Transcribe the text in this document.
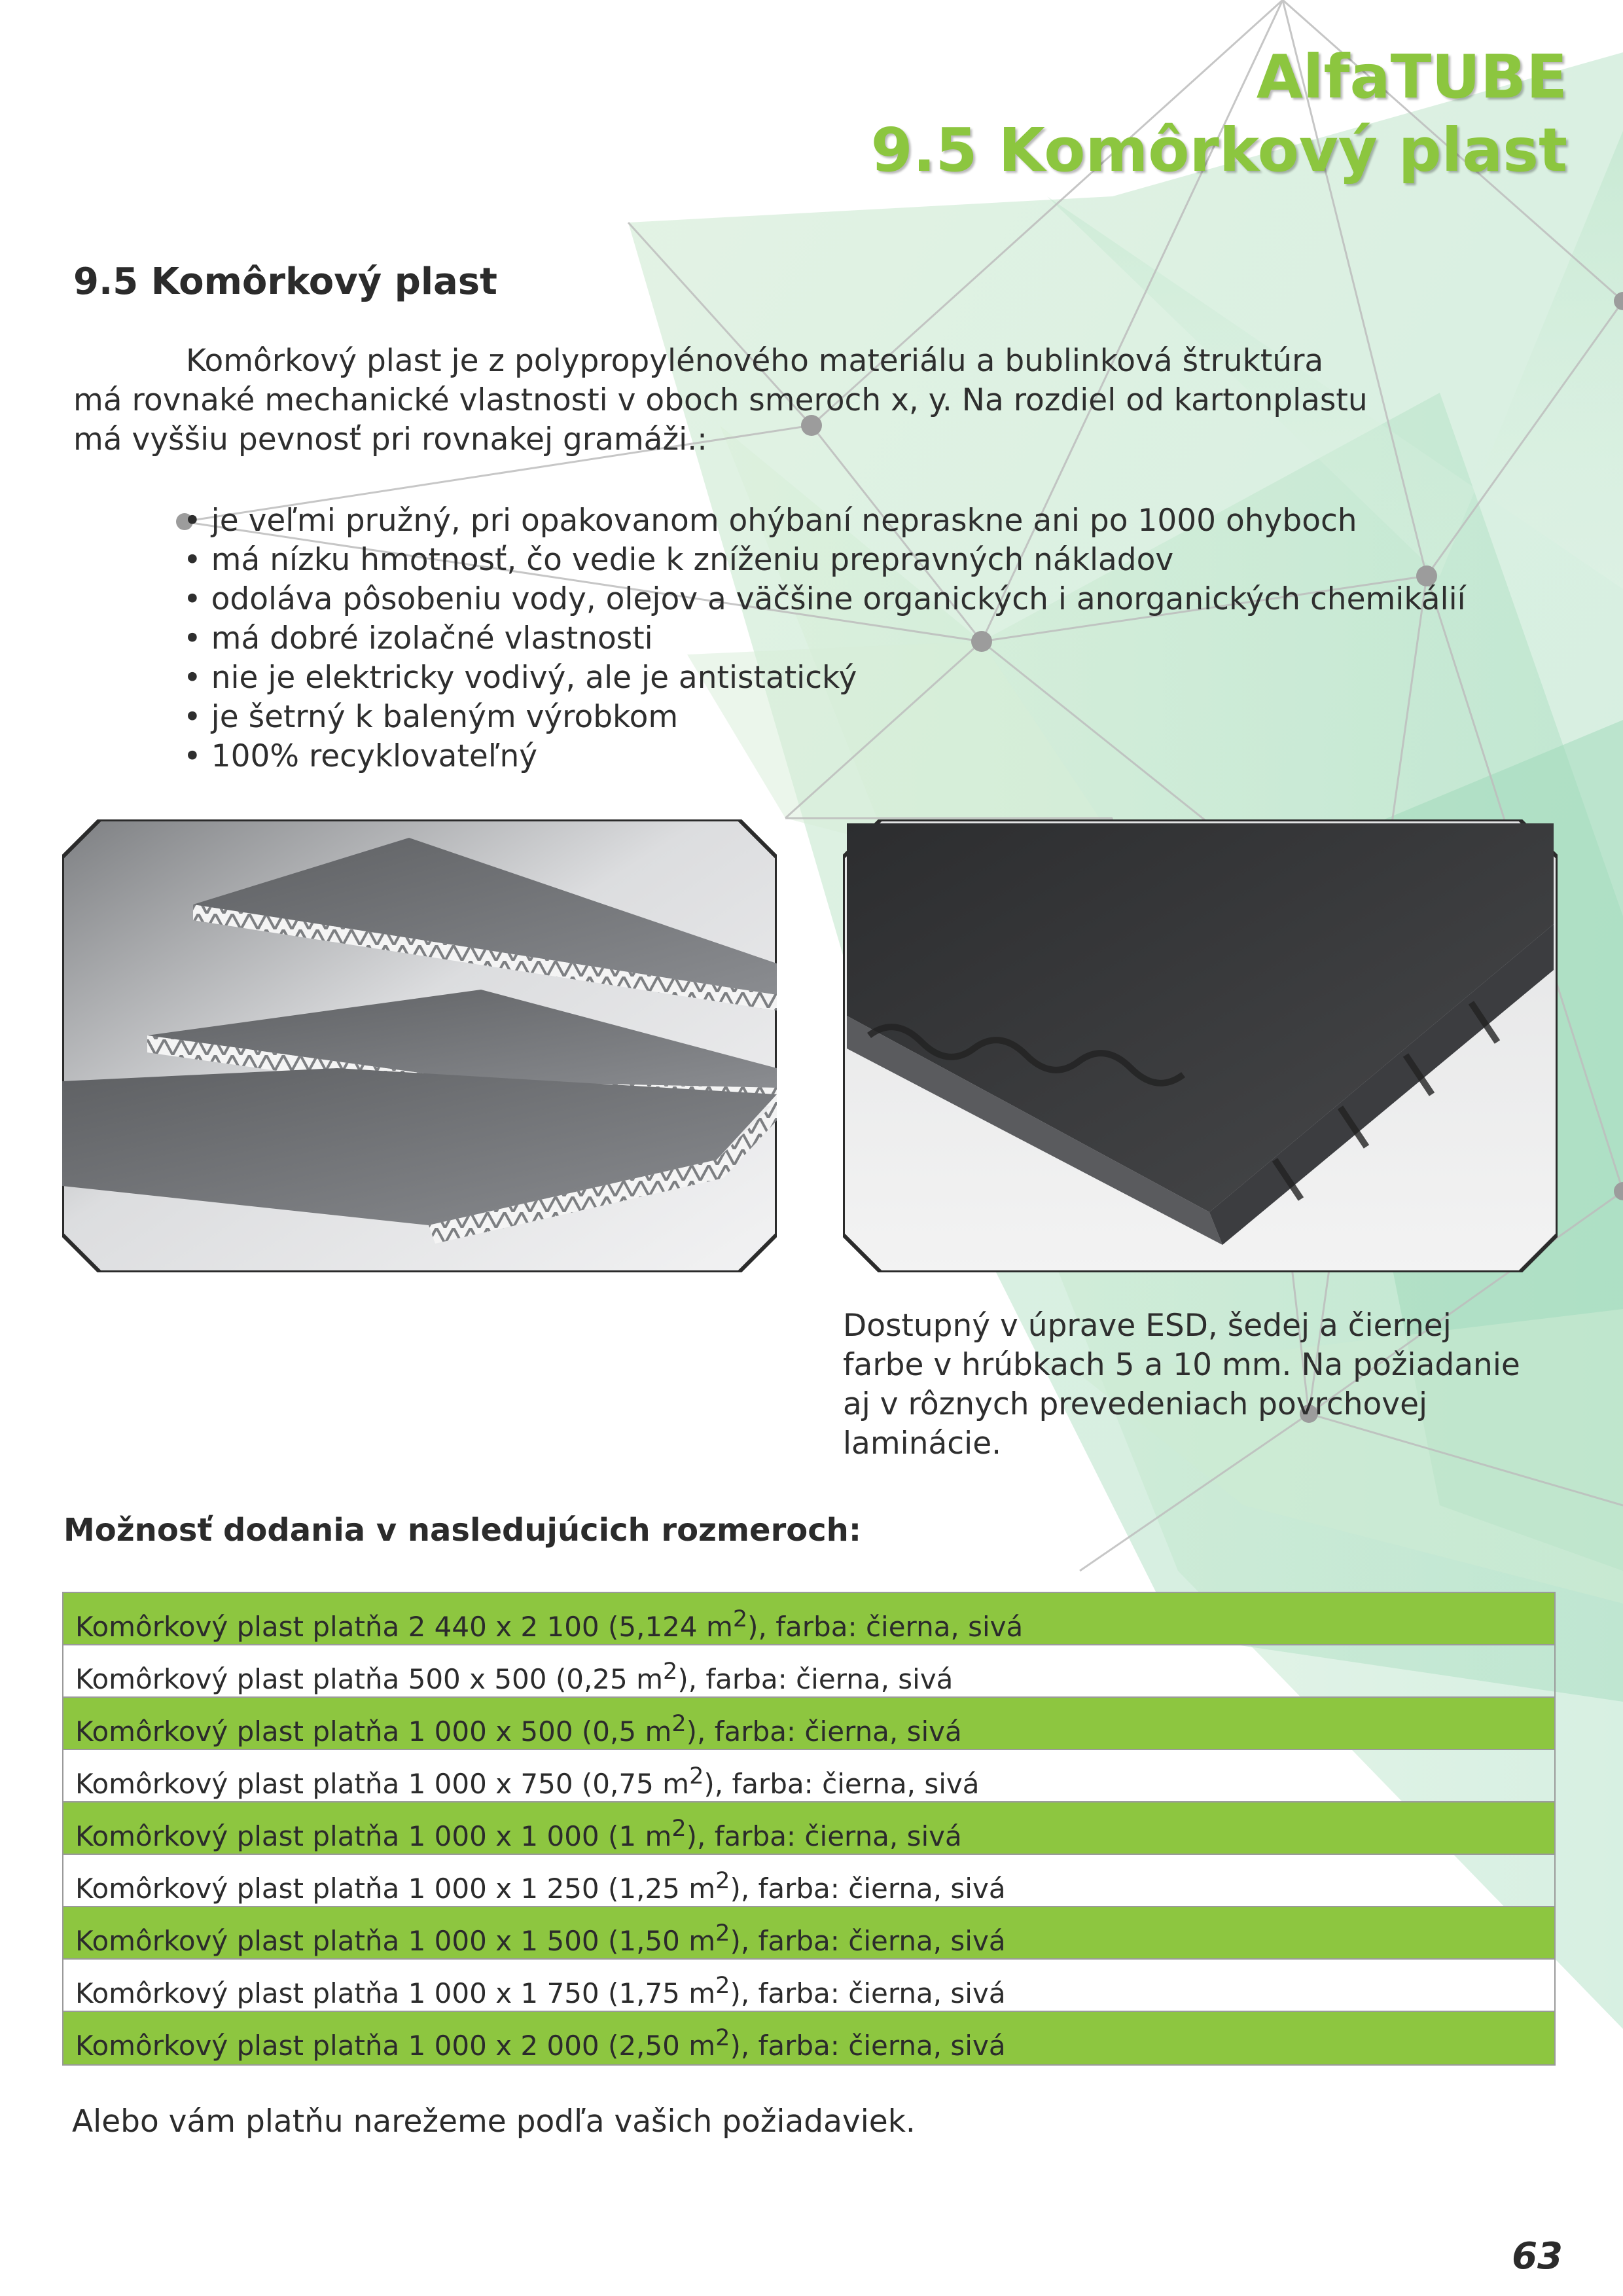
AlfaTUBE
9.5 Komôrkový plast
9.5 Komôrkový plast
Komôrkový plast je z polypropylénového materiálu a bublinková štruktúra
má rovnaké mechanické vlastnosti v oboch smeroch x, y. Na rozdiel od kartonplastu
má vyššiu pevnosť pri rovnakej gramáži.:
• je veľmi pružný, pri opakovanom ohýbaní nepraskne ani po 1000 ohyboch
• má nízku hmotnosť, čo vedie k zníženiu prepravných nákladov
• odoláva pôsobeniu vody, olejov a väčšine organických i anorganických chemikálií
• má dobré izolačné vlastnosti
• nie je elektricky vodivý, ale je antistatický
• je šetrný k baleným výrobkom
• 100% recyklovateľný
Dostupný v úprave ESD, šedej a čiernej
farbe v hrúbkach 5 a 10 mm. Na požiadanie
aj v rôznych prevedeniach povrchovej
laminácie.
Možnosť dodania v nasledujúcich rozmeroch:
Komôrkový plast platňa 2 440 x 2 100 (5,124 $m^2$), farba: čierna, sivá
Komôrkový plast platňa 500 x 500 (0,25 $m^2$), farba: čierna, sivá
Komôrkový plast platňa 1 000 x 500 (0,5 $m^2$), farba: čierna, sivá
Komôrkový plast platňa 1 000 x 750 (0,75 $m^2$), farba: čierna, sivá
Komôrkový plast platňa 1 000 x 1 000 (1 $m^2$), farba: čierna, sivá
Komôrkový plast platňa 1 000 x 1 250 (1,25 $m^2$), farba: čierna, sivá
Komôrkový plast platňa 1 000 x 1 500 (1,50 $m^2$), farba: čierna, sivá
Komôrkový plast platňa 1 000 x 1 750 (1,75 $m^2$), farba: čierna, sivá
Komôrkový plast platňa 1 000 x 2 000 (2,50 $m^2$), farba: čierna, sivá
Alebo vám platňu narežeme podľa vašich požiadaviek.
63
